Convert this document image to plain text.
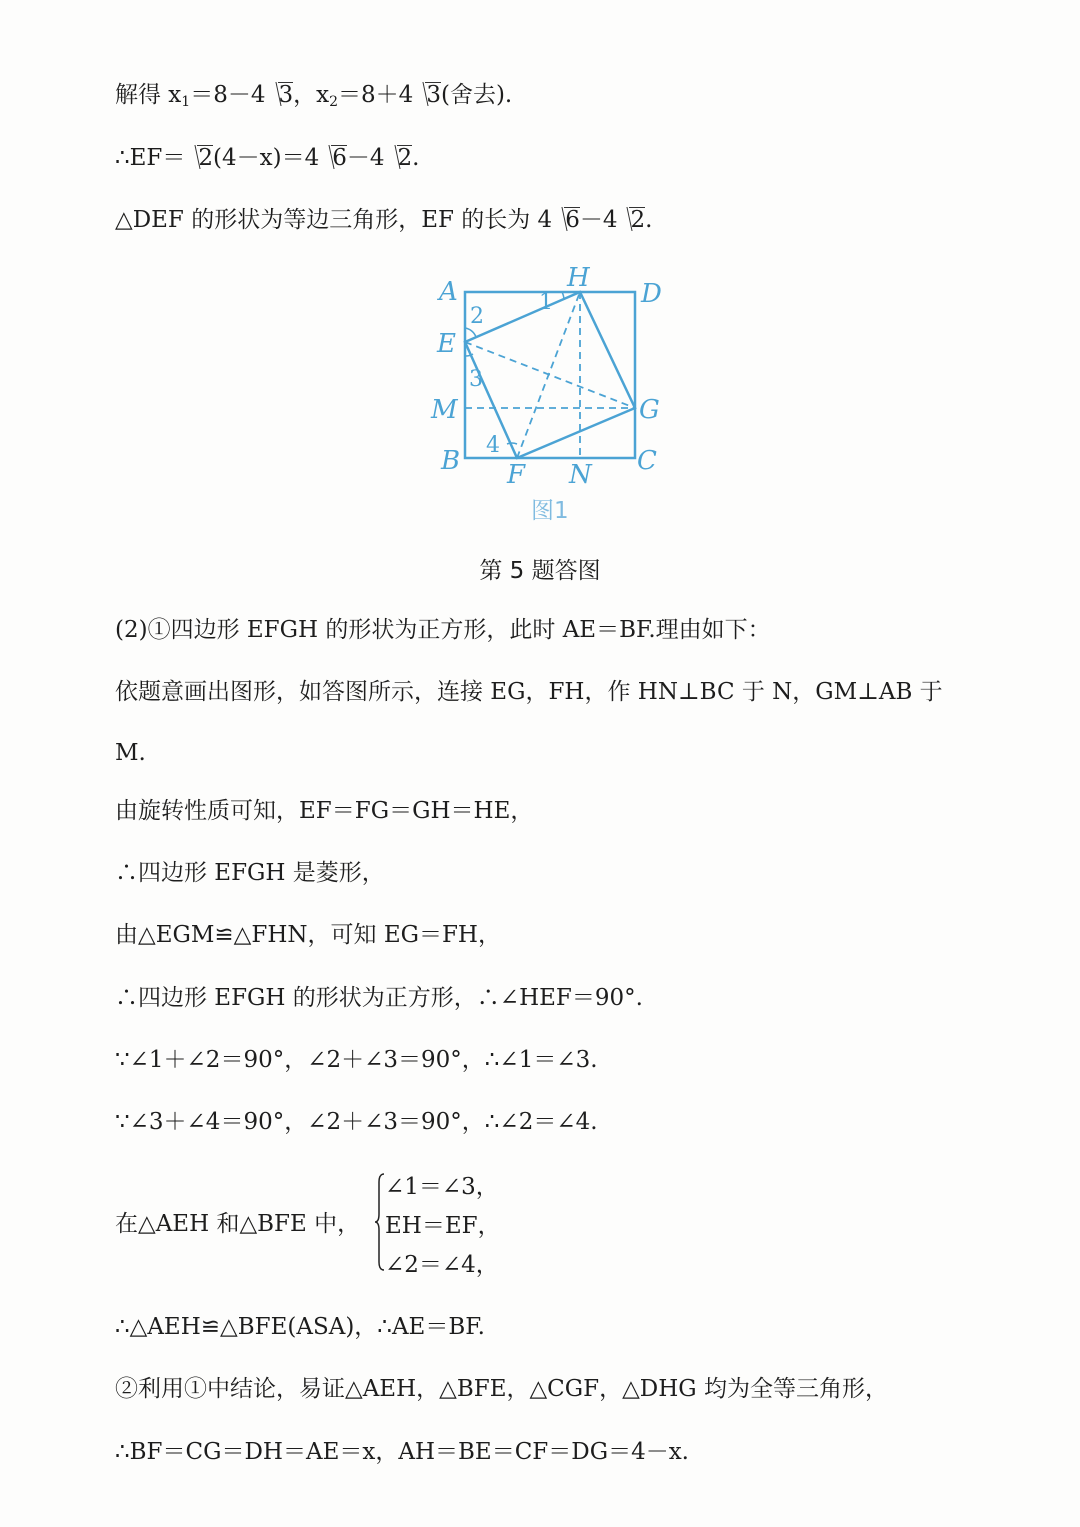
解得 $x_1=8-4$ 3，$x_2=8+4$ 3(舍去).
∴EF＝ 2(4－x)＝4 6－4 2.
△DEF 的形状为等边三角形，EF 的长为 4 6－4 2.
A	H
D
E
M	G
B F N C
1
2
3
4
图1
第 5 题答图
(2)①四边形 EFGH 的形状为正方形，此时 AE＝BF.理由如下：
依题意画出图形，如答图所示，连接 EG，FH，作 HN⊥BC 于 N，GM⊥AB 于
M.
由旋转性质可知，EF＝FG＝GH＝HE，
∴四边形 EFGH 是菱形，
由△EGM≌△FHN，可知 EG＝FH，
∴四边形 EFGH 的形状为正方形，∴∠HEF＝90°.
∵∠1＋∠2＝90°，∠2＋∠3＝90°，∴∠1＝∠3.
∵∠3＋∠4＝90°，∠2＋∠3＝90°，∴∠2＝∠4.
在△AEH 和△BFE 中，
∠1＝∠3，
EH＝EF，
∠2＝∠4，
∴△AEH≌△BFE(ASA)，∴AE＝BF.
②利用①中结论，易证△AEH，△BFE，△CGF，△DHG 均为全等三角形，
∴BF＝CG＝DH＝AE＝x，AH＝BE＝CF＝DG＝4－x.
